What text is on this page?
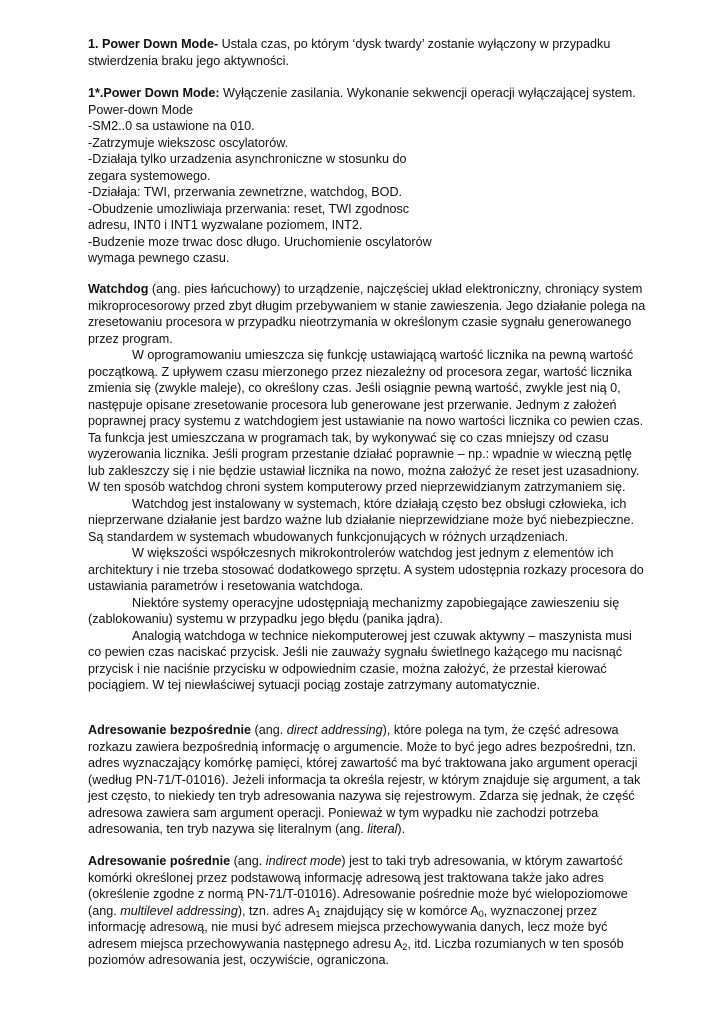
1. Power Down Mode- Ustala czas, po którym ‘dysk twardy’ zostanie wyłączony w przypadku stwierdzenia braku jego aktywności.

1*.Power Down Mode: Wyłączenie zasilania. Wykonanie sekwencji operacji wyłączającej system.
Power-down Mode
-SM2..0 sa ustawione na 010.
-Zatrzymuje wiekszosc oscylatorów.
-Działaja tylko urzadzenia asynchroniczne w stosunku do
zegara systemowego.
-Działaja: TWI, przerwania zewnetrzne, watchdog, BOD.
-Obudzenie umozliwiaja przerwania: reset, TWI zgodnosc
adresu, INT0 i INT1 wyzwalane poziomem, INT2.
-Budzenie moze trwac dosc długo. Uruchomienie oscylatorów
wymaga pewnego czasu.

Watchdog (ang. pies łańcuchowy) to urządzenie, najczęściej układ elektroniczny, chroniący system mikroprocesorowy przed zbyt długim przebywaniem w stanie zawieszenia. Jego działanie polega na zresetowaniu procesora w przypadku nieotrzymania w określonym czasie sygnału generowanego przez program.

W oprogramowaniu umieszcza się funkcję ustawiającą wartość licznika na pewną wartość początkową. Z upływem czasu mierzonego przez niezależny od procesora zegar, wartość licznika zmienia się (zwykle maleje), co określony czas. Jeśli osiągnie pewną wartość, zwykle jest nią 0, następuje opisane zresetowanie procesora lub generowane jest przerwanie. Jednym z założeń poprawnej pracy systemu z watchdogiem jest ustawianie na nowo wartości licznika co pewien czas. Ta funkcja jest umieszczana w programach tak, by wykonywać się co czas mniejszy od czasu wyzerowania licznika. Jeśli program przestanie działać poprawnie – np.: wpadnie w wieczną pętlę lub zakleszczy się i nie będzie ustawiał licznika na nowo, można założyć że reset jest uzasadniony. W ten sposób watchdog chroni system komputerowy przed nieprzewidzianym zatrzymaniem się.

Watchdog jest instalowany w systemach, które działają często bez obsługi człowieka, ich nieprzerwane działanie jest bardzo ważne lub działanie nieprzewidziane może być niebezpieczne. Są standardem w systemach wbudowanych funkcjonujących w różnych urządzeniach.

W większości współczesnych mikrokontrolerów watchdog jest jednym z elementów ich architektury i nie trzeba stosować dodatkowego sprzętu. A system udostępnia rozkazy procesora do ustawiania parametrów i resetowania watchdoga.

Niektóre systemy operacyjne udostępniają mechanizmy zapobiegające zawieszeniu się (zablokowaniu) systemu w przypadku jego błędu (panika jądra).

Analogią watchdoga w technice niekomputerowej jest czuwak aktywny – maszynista musi co pewien czas naciskać przycisk. Jeśli nie zauważy sygnału świetlnego każącego mu nacisnąć przycisk i nie naciśnie przycisku w odpowiednim czasie, można założyć, że przestał kierować pociągiem. W tej niewłaściwej sytuacji pociąg zostaje zatrzymany automatycznie.

Adresowanie bezpośrednie (ang. direct addressing), które polega na tym, że część adresowa rozkazu zawiera bezpośrednią informację o argumencie. Może to być jego adres bezpośredni, tzn. adres wyznaczający komórkę pamięci, której zawartość ma być traktowana jako argument operacji (według PN-71/T-01016). Jeżeli informacja ta określa rejestr, w którym znajduje się argument, a tak jest często, to niekiedy ten tryb adresowania nazywa się rejestrowym. Zdarza się jednak, że część adresowa zawiera sam argument operacji. Ponieważ w tym wypadku nie zachodzi potrzeba adresowania, ten tryb nazywa się literalnym (ang. literal).

Adresowanie pośrednie (ang. indirect mode) jest to taki tryb adresowania, w którym zawartość komórki określonej przez podstawową informację adresową jest traktowana także jako adres (określenie zgodne z normą PN-71/T-01016). Adresowanie pośrednie może być wielopoziomowe (ang. multilevel addressing), tzn. adres $A_1$ znajdujący się w komórce $A_0$, wyznaczonej przez informację adresową, nie musi być adresem miejsca przechowywania danych, lecz może być adresem miejsca przechowywania następnego adresu $A_2$, itd. Liczba rozumianych w ten sposób poziomów adresowania jest, oczywiście, ograniczona.
